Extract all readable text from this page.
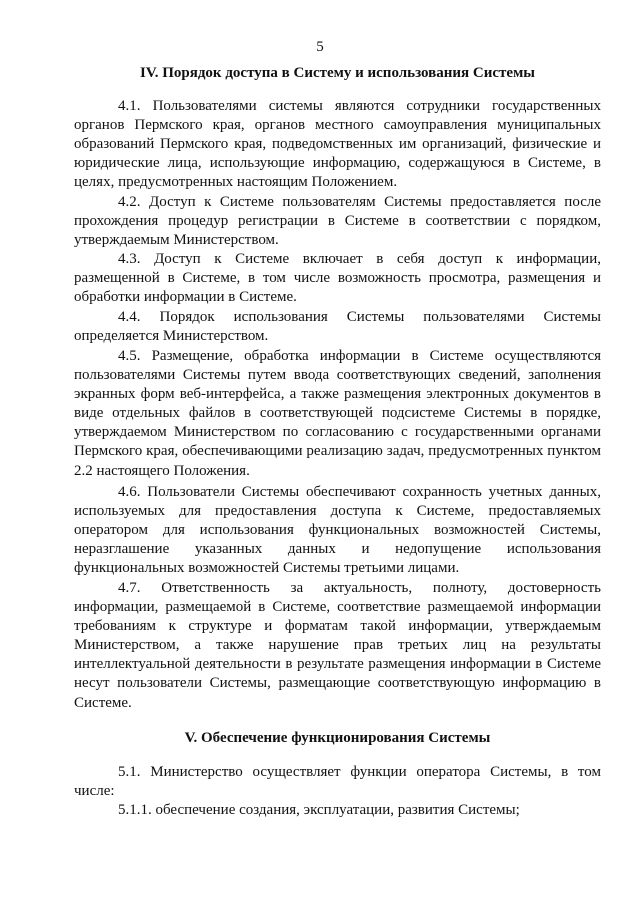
5
IV. Порядок доступа в Систему и использования Системы

4.1. Пользователями системы являются сотрудники государственных органов Пермского края, органов местного самоуправления муниципальных образований Пермского края, подведомственных им организаций, физические и юридические лица, использующие информацию, содержащуюся в Системе, в целях, предусмотренных настоящим Положением.

4.2. Доступ к Системе пользователям Системы предоставляется после прохождения процедур регистрации в Системе в соответствии с порядком, утверждаемым Министерством.

4.3. Доступ к Системе включает в себя доступ к информации, размещенной в Системе, в том числе возможность просмотра, размещения и обработки информации в Системе.

4.4. Порядок использования Системы пользователями Системы определяется Министерством.

4.5. Размещение, обработка информации в Системе осуществляются пользователями Системы путем ввода соответствующих сведений, заполнения экранных форм веб-интерфейса, а также размещения электронных документов в виде отдельных файлов в соответствующей подсистеме Системы в порядке, утверждаемом Министерством по согласованию с государственными органами Пермского края, обеспечивающими реализацию задач, предусмотренных пунктом 2.2 настоящего Положения.

4.6. Пользователи Системы обеспечивают сохранность учетных данных, используемых для предоставления доступа к Системе, предоставляемых оператором для использования функциональных возможностей Системы, неразглашение указанных данных и недопущение использования функциональных возможностей Системы третьими лицами.

4.7. Ответственность за актуальность, полноту, достоверность информации, размещаемой в Системе, соответствие размещаемой информации требованиям к структуре и форматам такой информации, утверждаемым Министерством, а также нарушение прав третьих лиц на результаты интеллектуальной деятельности в результате размещения информации в Системе несут пользователи Системы, размещающие соответствующую информацию в Системе.

V. Обеспечение функционирования Системы

5.1. Министерство осуществляет функции оператора Системы, в том числе:

5.1.1. обеспечение создания, эксплуатации, развития Системы;
